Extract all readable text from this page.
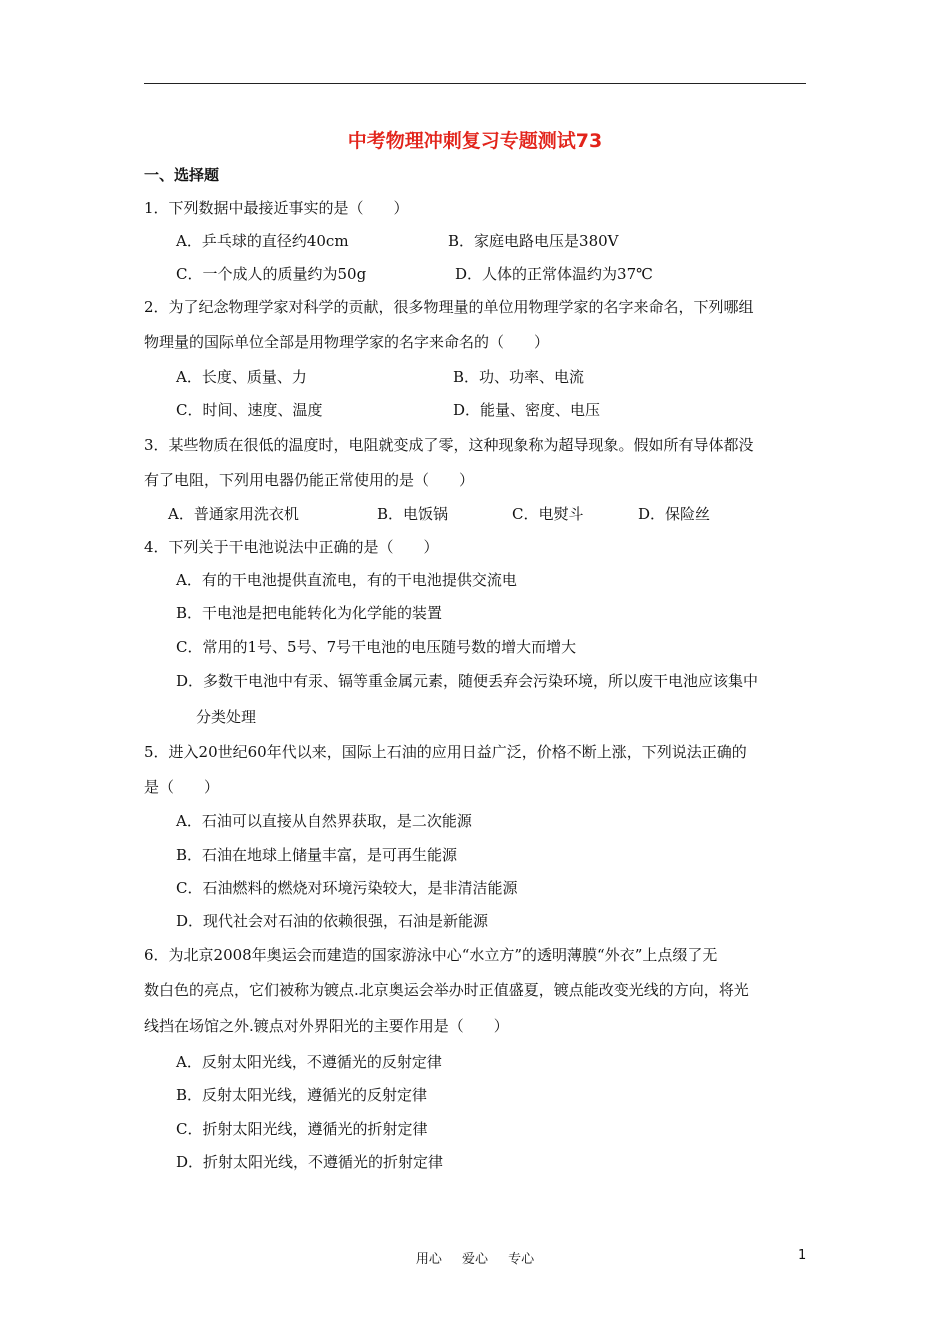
中考物理冲刺复习专题测试73
一、选择题
1．下列数据中最接近事实的是（　　）
A．乒乓球的直径约40cm	B．家庭电路电压是380V
C．一个成人的质量约为50g	D．人体的正常体温约为37℃
2．为了纪念物理学家对科学的贡献，很多物理量的单位用物理学家的名字来命名，下列哪组
物理量的国际单位全部是用物理学家的名字来命名的（　　）
A．长度、质量、力	B．功、功率、电流
C．时间、速度、温度	D．能量、密度、电压
3．某些物质在很低的温度时，电阻就变成了零，这种现象称为超导现象。假如所有导体都没
有了电阻，下列用电器仍能正常使用的是（　　）
A．普通家用洗衣机	B．电饭锅	C．电熨斗	D．保险丝
4．下列关于干电池说法中正确的是（　　）
A．有的干电池提供直流电，有的干电池提供交流电
B．干电池是把电能转化为化学能的装置
C．常用的1号、5号、7号干电池的电压随号数的增大而增大
D．多数干电池中有汞、镉等重金属元素，随便丢弃会污染环境，所以废干电池应该集中
分类处理
5．进入20世纪60年代以来，国际上石油的应用日益广泛，价格不断上涨，下列说法正确的
是（　　）
A．石油可以直接从自然界获取，是二次能源
B．石油在地球上储量丰富，是可再生能源
C．石油燃料的燃烧对环境污染较大，是非清洁能源
D．现代社会对石油的依赖很强，石油是新能源
6．为北京2008年奥运会而建造的国家游泳中心“水立方”的透明薄膜“外衣”上点缀了无
数白色的亮点，它们被称为镀点.北京奥运会举办时正值盛夏，镀点能改变光线的方向，将光
线挡在场馆之外.镀点对外界阳光的主要作用是（　　）
A．反射太阳光线，不遵循光的反射定律
B．反射太阳光线，遵循光的反射定律
C．折射太阳光线，遵循光的折射定律
D．折射太阳光线，不遵循光的折射定律
用心 爱心 专心	1
